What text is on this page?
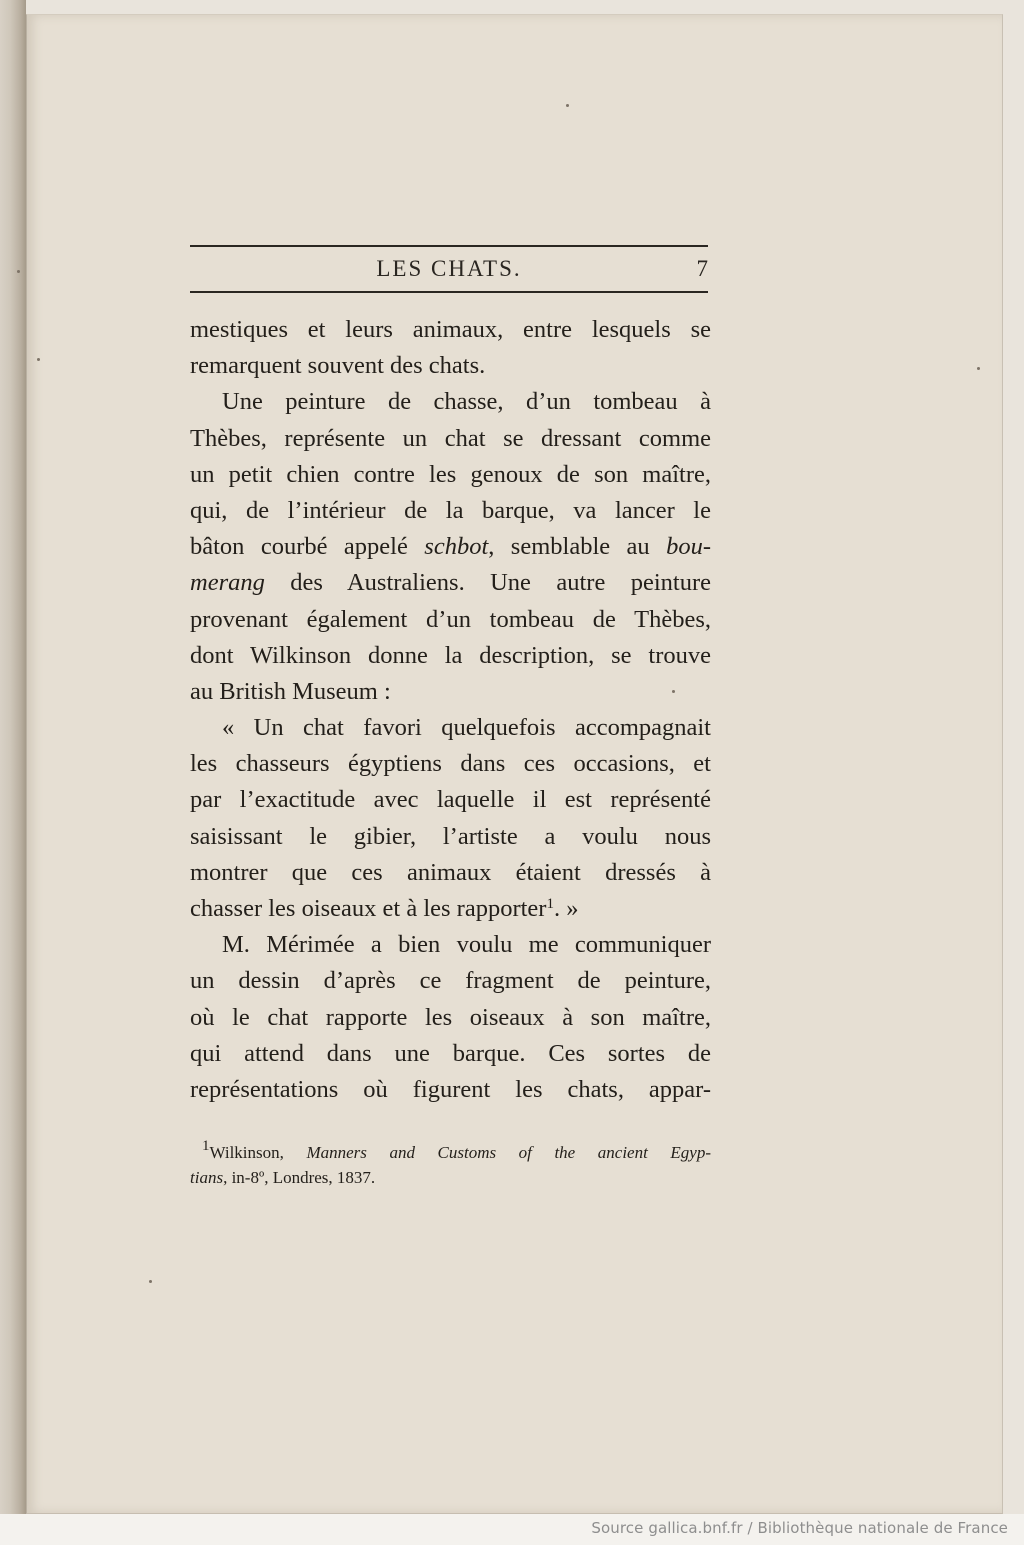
LES CHATS.	7
mestiques et leurs animaux, entre lesquels se
remarquent souvent des chats.
Une peinture de chasse, d’un tombeau à
Thèbes, représente un chat se dressant comme
un petit chien contre les genoux de son maître,
qui, de l’intérieur de la barque, va lancer le
bâton courbé appelé schbot, semblable au bou-
merang des Australiens. Une autre peinture
provenant également d’un tombeau de Thèbes,
dont Wilkinson donne la description, se trouve
au British Museum :
« Un chat favori quelquefois accompagnait
les chasseurs égyptiens dans ces occasions, et
par l’exactitude avec laquelle il est représenté
saisissant le gibier, l’artiste a voulu nous
montrer que ces animaux étaient dressés à
chasser les oiseaux et à les rapporter$^1$. »
M. Mérimée a bien voulu me communiquer
un dessin d’après ce fragment de peinture,
où le chat rapporte les oiseaux à son maître,
qui attend dans une barque. Ces sortes de
représentations où figurent les chats, appar-
$^1$Wilkinson, Manners and Customs of the ancient Egyp-
tians, in-8º, Londres, 1837.
Source gallica.bnf.fr / Bibliothèque nationale de France
